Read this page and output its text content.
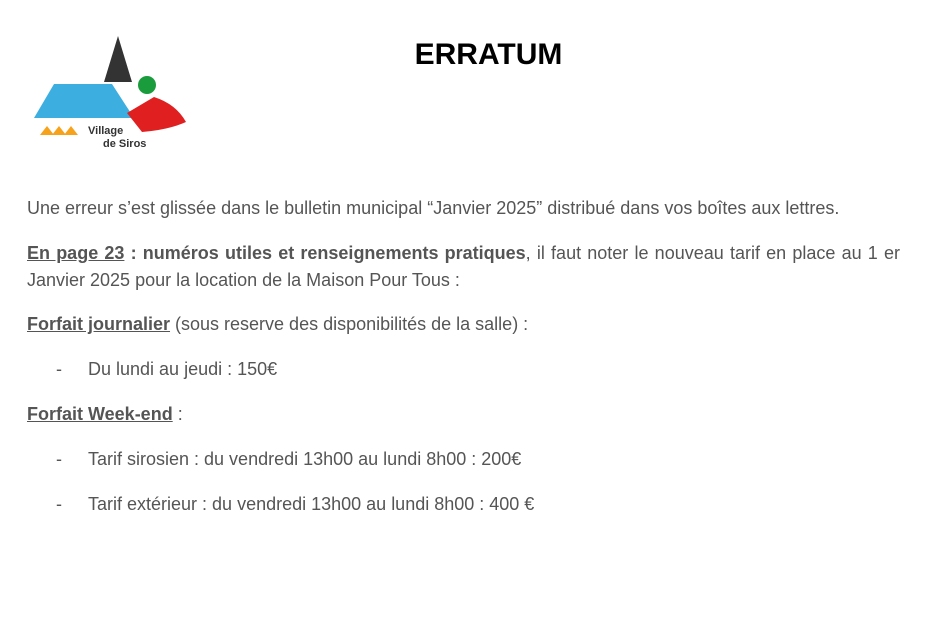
Village
de Siros
ERRATUM

Une erreur s’est glissée dans le bulletin municipal “Janvier 2025” distribué dans vos boîtes aux lettres.

En page 23 : numéros utiles et renseignements pratiques, il faut noter le nouveau tarif en place au 1 er Janvier 2025 pour la location de la Maison Pour Tous :

Forfait journalier (sous reserve des disponibilités de la salle) :

- Du lundi au jeudi : 150€

Forfait Week-end :

- Tarif sirosien : du vendredi 13h00 au lundi 8h00 : 200€
- Tarif extérieur : du vendredi 13h00 au lundi 8h00 : 400 €
